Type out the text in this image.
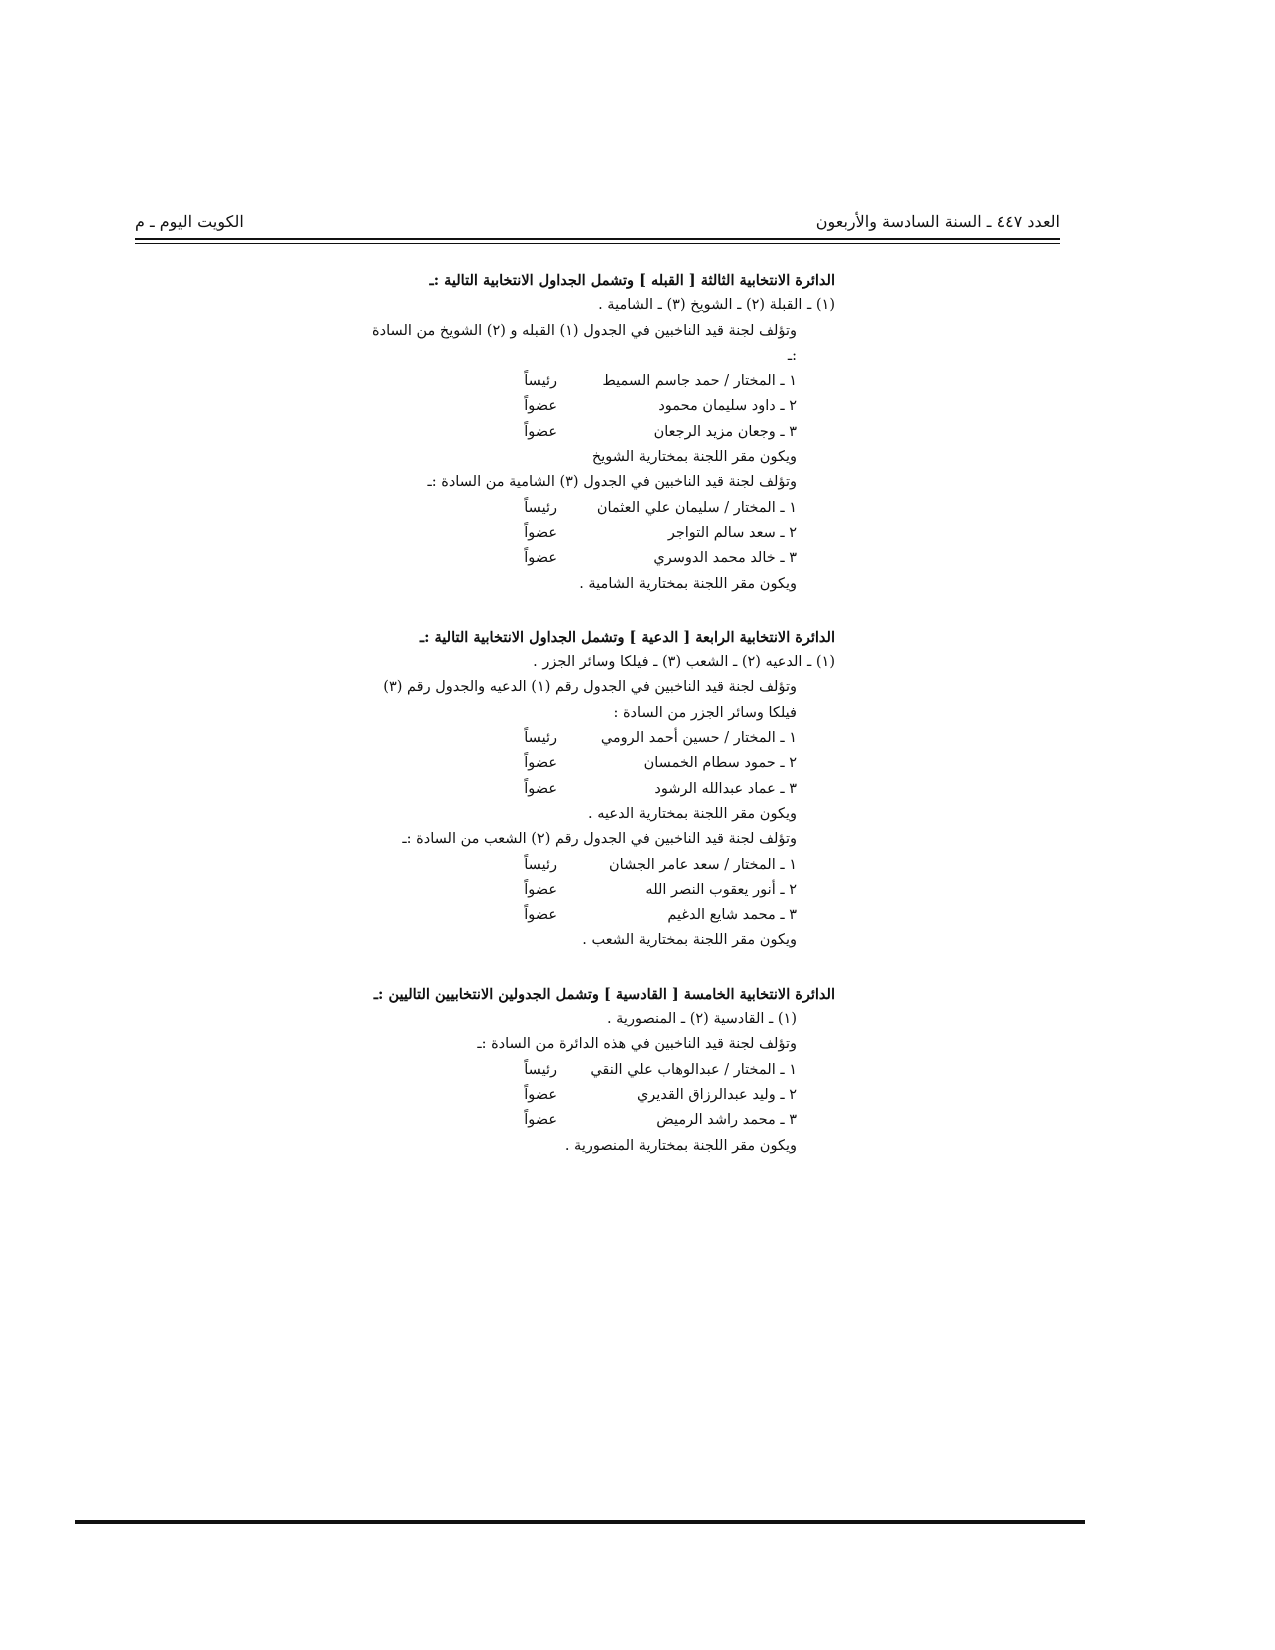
العدد ٤٤٧ ـ السنة السادسة والأربعون
الكويت اليوم ـ م
الدائرة الانتخابية الثالثة [ القبله ] وتشمل الجداول الانتخابية التالية :ـ
(١) ـ القبلة (٢) ـ الشويخ (٣) ـ الشامية .
وتؤلف لجنة قيد الناخبين في الجدول (١) القبله و (٢) الشويخ من السادة :ـ
١ ـ المختار / حمد جاسم السميط
رئيساً
٢ ـ داود سليمان محمود
عضواً
٣ ـ وجعان مزيد الرجعان
عضواً
ويكون مقر اللجنة بمختارية الشويخ
وتؤلف لجنة قيد الناخبين في الجدول (٣) الشامية من السادة :ـ
١ ـ المختار / سليمان علي العثمان
رئيساً
٢ ـ سعد سالم التواجر
عضواً
٣ ـ خالد محمد الدوسري
عضواً
ويكون مقر اللجنة بمختارية الشامية .
الدائرة الانتخابية الرابعة [ الدعية ] وتشمل الجداول الانتخابية التالية :ـ
(١) ـ الدعيه (٢) ـ الشعب (٣) ـ فيلكا وسائر الجزر .
وتؤلف لجنة قيد الناخبين في الجدول رقم (١) الدعيه والجدول رقم (٣) فيلكا وسائر الجزر من السادة :
١ ـ المختار / حسين أحمد الرومي
رئيساً
٢ ـ حمود سطام الخمسان
عضواً
٣ ـ عماد عبدالله الرشود
عضواً
ويكون مقر اللجنة بمختارية الدعيه .
وتؤلف لجنة قيد الناخبين في الجدول رقم (٢) الشعب من السادة :ـ
١ ـ المختار / سعد عامر الجشان
رئيساً
٢ ـ أنور يعقوب النصر الله
عضواً
٣ ـ محمد شايع الدغيم
عضواً
ويكون مقر اللجنة بمختارية الشعب .
الدائرة الانتخابية الخامسة [ القادسية ] وتشمل الجدولين الانتخابيين التاليين :ـ
(١) ـ القادسية (٢) ـ المنصورية .
وتؤلف لجنة قيد الناخبين في هذه الدائرة من السادة :ـ
١ ـ المختار / عبدالوهاب علي النقي
رئيساً
٢ ـ وليد عبدالرزاق القديري
عضواً
٣ ـ محمد راشد الرميض
عضواً
ويكون مقر اللجنة بمختارية المنصورية .
